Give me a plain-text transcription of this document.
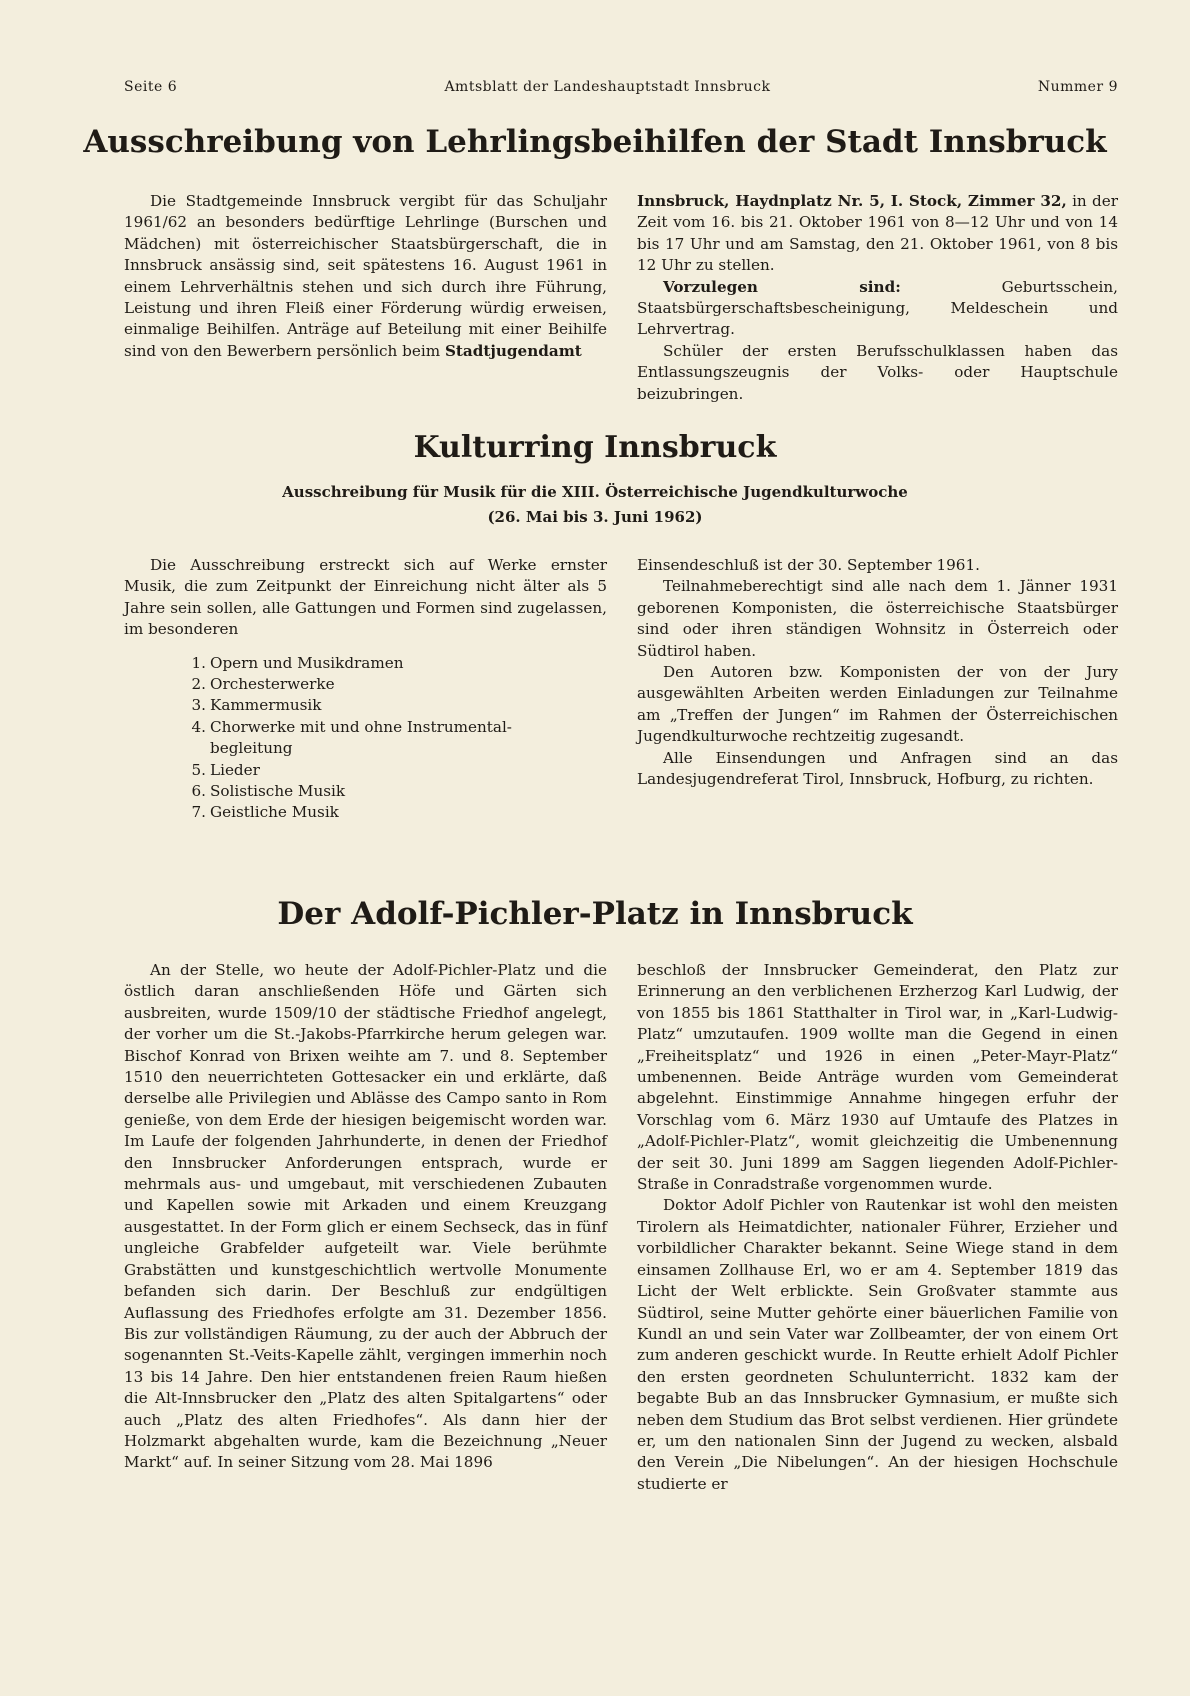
Seite 6	Amtsblatt der Landeshauptstadt Innsbruck	Nummer 9
Ausschreibung von Lehrlingsbeihilfen der Stadt Innsbruck

Die Stadtgemeinde Innsbruck vergibt für das Schuljahr 1961/62 an besonders bedürftige Lehrlinge (Burschen und Mädchen) mit österreichischer Staatsbürgerschaft, die in Innsbruck ansässig sind, seit spätestens 16. August 1961 in einem Lehrverhältnis stehen und sich durch ihre Führung, Leistung und ihren Fleiß einer Förderung würdig erweisen, einmalige Beihilfen. Anträge auf Beteilung mit einer Beihilfe sind von den Bewerbern persönlich beim Stadtjugendamt

Innsbruck, Haydnplatz Nr. 5, I. Stock, Zimmer 32, in der Zeit vom 16. bis 21. Oktober 1961 von 8—12 Uhr und von 14 bis 17 Uhr und am Samstag, den 21. Oktober 1961, von 8 bis 12 Uhr zu stellen.

Vorzulegen sind:	Geburtsschein, Staatsbürgerschaftsbescheinigung, Meldeschein und Lehrvertrag.

Schüler der ersten Berufsschulklassen haben das Entlassungszeugnis der Volks- oder Hauptschule beizubringen.

Kulturring Innsbruck
Ausschreibung für Musik für die XIII. Österreichische Jugendkulturwoche
(26. Mai bis 3. Juni 1962)

Die Ausschreibung erstreckt sich auf Werke ernster Musik, die zum Zeitpunkt der Einreichung nicht älter als 5 Jahre sein sollen, alle Gattungen und Formen sind zugelassen, im besonderen

1. Opern und Musikdramen
2. Orchesterwerke
3. Kammermusik
4. Chorwerke mit und ohne Instrumental-
begleitung
5. Lieder
6. Solistische Musik
7. Geistliche Musik

Einsendeschluß ist der 30. September 1961.

Teilnahmeberechtigt sind alle nach dem 1. Jänner 1931 geborenen Komponisten, die österreichische Staatsbürger sind oder ihren ständigen Wohnsitz in Österreich oder Südtirol haben.

Den Autoren bzw. Komponisten der von der Jury ausgewählten Arbeiten werden Einladungen zur Teilnahme am „Treffen der Jungen“ im Rahmen der Österreichischen Jugendkulturwoche rechtzeitig zugesandt.

Alle Einsendungen und Anfragen sind an das Landesjugendreferat Tirol, Innsbruck, Hofburg, zu richten.

Der Adolf-Pichler-Platz in Innsbruck

An der Stelle, wo heute der Adolf-Pichler-Platz und die östlich daran anschließenden Höfe und Gärten sich ausbreiten, wurde 1509/10 der städtische Friedhof angelegt, der vorher um die St.-Jakobs-Pfarrkirche herum gelegen war. Bischof Konrad von Brixen weihte am 7. und 8. September 1510 den neuerrichteten Gottesacker ein und erklärte, daß derselbe alle Privilegien und Ablässe des Campo santo in Rom genieße, von dem Erde der hiesigen beigemischt worden war. Im Laufe der folgenden Jahrhunderte, in denen der Friedhof den Innsbrucker Anforderungen entsprach, wurde er mehrmals aus- und umgebaut, mit verschiedenen Zubauten und Kapellen sowie mit Arkaden und einem Kreuzgang ausgestattet. In der Form glich er einem Sechseck, das in fünf ungleiche Grabfelder aufgeteilt war. Viele berühmte Grabstätten und kunstgeschichtlich wertvolle Monumente befanden sich darin. Der Beschluß zur endgültigen Auflassung des Friedhofes erfolgte am 31. Dezember 1856. Bis zur vollständigen Räumung, zu der auch der Abbruch der sogenannten St.-Veits-Kapelle zählt, vergingen immerhin noch 13 bis 14 Jahre. Den hier entstandenen freien Raum hießen die Alt-Innsbrucker den „Platz des alten Spitalgartens“ oder auch „Platz des alten Friedhofes“. Als dann hier der Holzmarkt abgehalten wurde, kam die Bezeichnung „Neuer Markt“ auf. In seiner Sitzung vom 28. Mai 1896

beschloß der Innsbrucker Gemeinderat, den Platz zur Erinnerung an den verblichenen Erzherzog Karl Ludwig, der von 1855 bis 1861 Statthalter in Tirol war, in „Karl-Ludwig-Platz“ umzutaufen. 1909 wollte man die Gegend in einen „Freiheitsplatz“ und 1926 in einen „Peter-Mayr-Platz“ umbenennen. Beide Anträge wurden vom Gemeinderat abgelehnt. Einstimmige Annahme hingegen erfuhr der Vorschlag vom 6. März 1930 auf Umtaufe des Platzes in „Adolf-Pichler-Platz“, womit gleichzeitig die Umbenennung der seit 30. Juni 1899 am Saggen liegenden Adolf-Pichler-Straße in Conradstraße vorgenommen wurde.

Doktor Adolf Pichler von Rautenkar ist wohl den meisten Tirolern als Heimatdichter, nationaler Führer, Erzieher und vorbildlicher Charakter bekannt. Seine Wiege stand in dem einsamen Zollhause Erl, wo er am 4. September 1819 das Licht der Welt erblickte. Sein Großvater stammte aus Südtirol, seine Mutter gehörte einer bäuerlichen Familie von Kundl an und sein Vater war Zollbeamter, der von einem Ort zum anderen geschickt wurde. In Reutte erhielt Adolf Pichler den ersten geordneten Schulunterricht. 1832 kam der begabte Bub an das Innsbrucker Gymnasium, er mußte sich neben dem Studium das Brot selbst verdienen. Hier gründete er, um den nationalen Sinn der Jugend zu wecken, alsbald den Verein „Die Nibelungen“. An der hiesigen Hochschule studierte er
